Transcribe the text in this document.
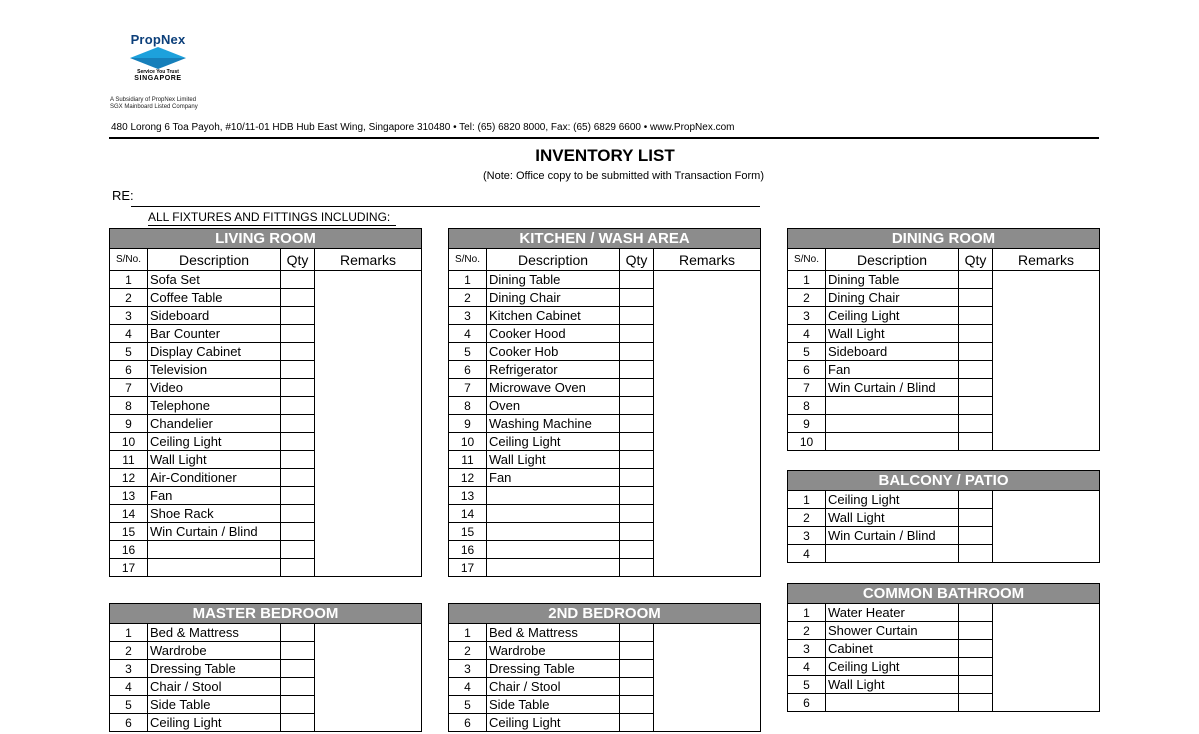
PropNex
Service You Trust
SINGAPORE
A Subsidiary of PropNex Limited
SGX Mainboard Listed Company
480 Lorong 6 Toa Payoh, #10/11-01 HDB Hub East Wing, Singapore 310480 • Tel: (65) 6820 8000, Fax: (65) 6829 6600 • www.PropNex.com
INVENTORY LIST
(Note: Office copy to be submitted with Transaction Form)
RE:
ALL FIXTURES AND FITTINGS INCLUDING:
LIVING ROOM			
S/No.	Description	Qty	Remarks
1	Sofa Set		
2	Coffee Table		
3	Sideboard		
4	Bar Counter		
5	Display Cabinet		
6	Television		
7	Video		
8	Telephone		
9	Chandelier		
10	Ceiling Light		
11	Wall Light		
12	Air-Conditioner		
13	Fan		
14	Shoe Rack		
15	Win Curtain / Blind		
16			
17			
KITCHEN / WASH AREA			
S/No.	Description	Qty	Remarks
1	Dining Table		
2	Dining Chair		
3	Kitchen Cabinet		
4	Cooker Hood		
5	Cooker Hob		
6	Refrigerator		
7	Microwave Oven		
8	Oven		
9	Washing Machine		
10	Ceiling Light		
11	Wall Light		
12	Fan		
13			
14			
15			
16			
17			
DINING ROOM			
S/No.	Description	Qty	Remarks
1	Dining Table		
2	Dining Chair		
3	Ceiling Light		
4	Wall Light		
5	Sideboard		
6	Fan		
7	Win Curtain / Blind		
8			
9			
10			
BALCONY / PATIO			
1	Ceiling Light		
2	Wall Light		
3	Win Curtain / Blind		
4			
MASTER BEDROOM			
1	Bed & Mattress		
2	Wardrobe		
3	Dressing Table		
4	Chair / Stool		
5	Side Table		
6	Ceiling Light		
2ND BEDROOM			
1	Bed & Mattress		
2	Wardrobe		
3	Dressing Table		
4	Chair / Stool		
5	Side Table		
6	Ceiling Light		
COMMON BATHROOM			
1	Water Heater		
2	Shower Curtain		
3	Cabinet		
4	Ceiling Light		
5	Wall Light		
6			
